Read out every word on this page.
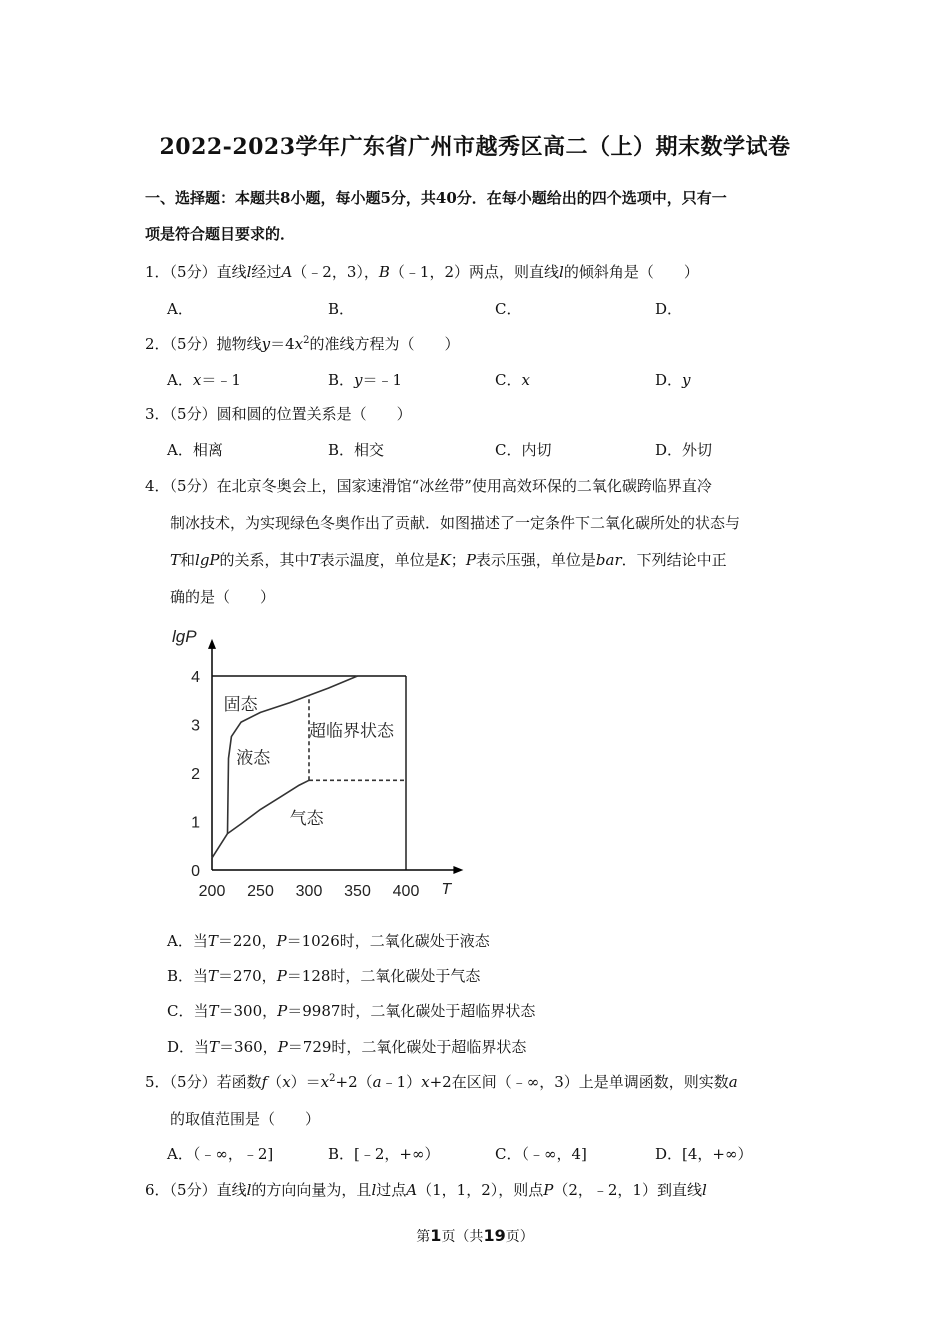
2022-2023学年广东省广州市越秀区高二（上）期末数学试卷
一、选择题：本题共8小题，每小题5分，共40分．在每小题给出的四个选项中，只有一
项是符合题目要求的．
1．（5分）直线l经过A（﹣2，3），B（﹣1，2）两点，则直线l的倾斜角是（　　）
A．	B．	C．	D．
2．（5分）抛物线$y=4x^2$的准线方程为（　　）
A．x＝﹣1	B．y＝﹣1	C．x	D．y
3．（5分）圆和圆的位置关系是（　　）
A．相离	B．相交	C．内切	D．外切
4．（5分）在北京冬奥会上，国家速滑馆“冰丝带”使用高效环保的二氧化碳跨临界直冷
制冰技术，为实现绿色冬奥作出了贡献．如图描述了一定条件下二氧化碳所处的状态与
T和lgP的关系，其中T表示温度，单位是K；P表示压强，单位是bar．下列结论中正
确的是（　　）
200 250 300 350 400
0
1
2
3
4
T
lgP
固态
液态
超临界状态
气态
A．当T＝220，P＝1026时，二氧化碳处于液态
B．当T＝270，P＝128时，二氧化碳处于气态
C．当T＝300，P＝9987时，二氧化碳处于超临界状态
D．当T＝360，P＝729时，二氧化碳处于超临界状态
5．（5分）若函数$f(x)=x^2+2(a﹣1)x+2$在区间（﹣∞，3）上是单调函数，则实数a
的取值范围是（　　）
A．（﹣∞，﹣2]	B．[﹣2，+∞）	C．（﹣∞，4]	D．[4，+∞）
6．（5分）直线l的方向向量为，且l过点A（1，1，2），则点P（2，﹣2，1）到直线l
第1页（共19页）
